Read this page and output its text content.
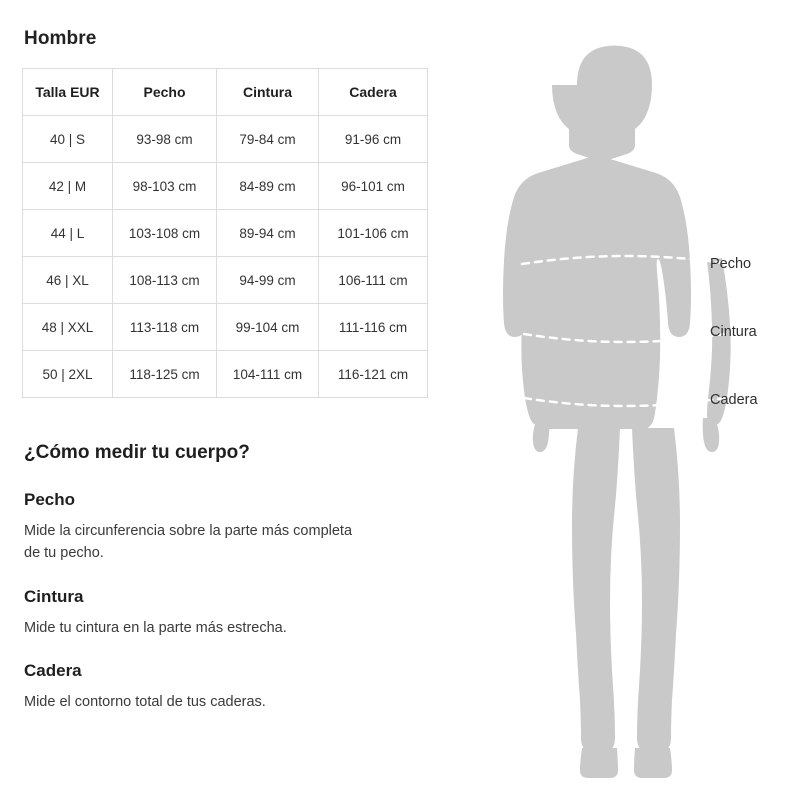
Hombre
Talla EUR	Pecho	Cintura	Cadera
40 | S	93-98 cm	79-84 cm	91-96 cm
42 | M	98-103 cm	84-89 cm	96-101 cm
44 | L	103-108 cm	89-94 cm	101-106 cm
46 | XL	108-113 cm	94-99 cm	106-111 cm
48 | XXL	113-118 cm	99-104 cm	111-116 cm
50 | 2XL	118-125 cm	104-111 cm	116-121 cm
¿Cómo medir tu cuerpo?
Pecho

Mide la circunferencia sobre la parte más completa de tu pecho.

Cintura

Mide tu cintura en la parte más estrecha.

Cadera

Mide el contorno total de tus caderas.

Pecho
Cintura
Cadera
